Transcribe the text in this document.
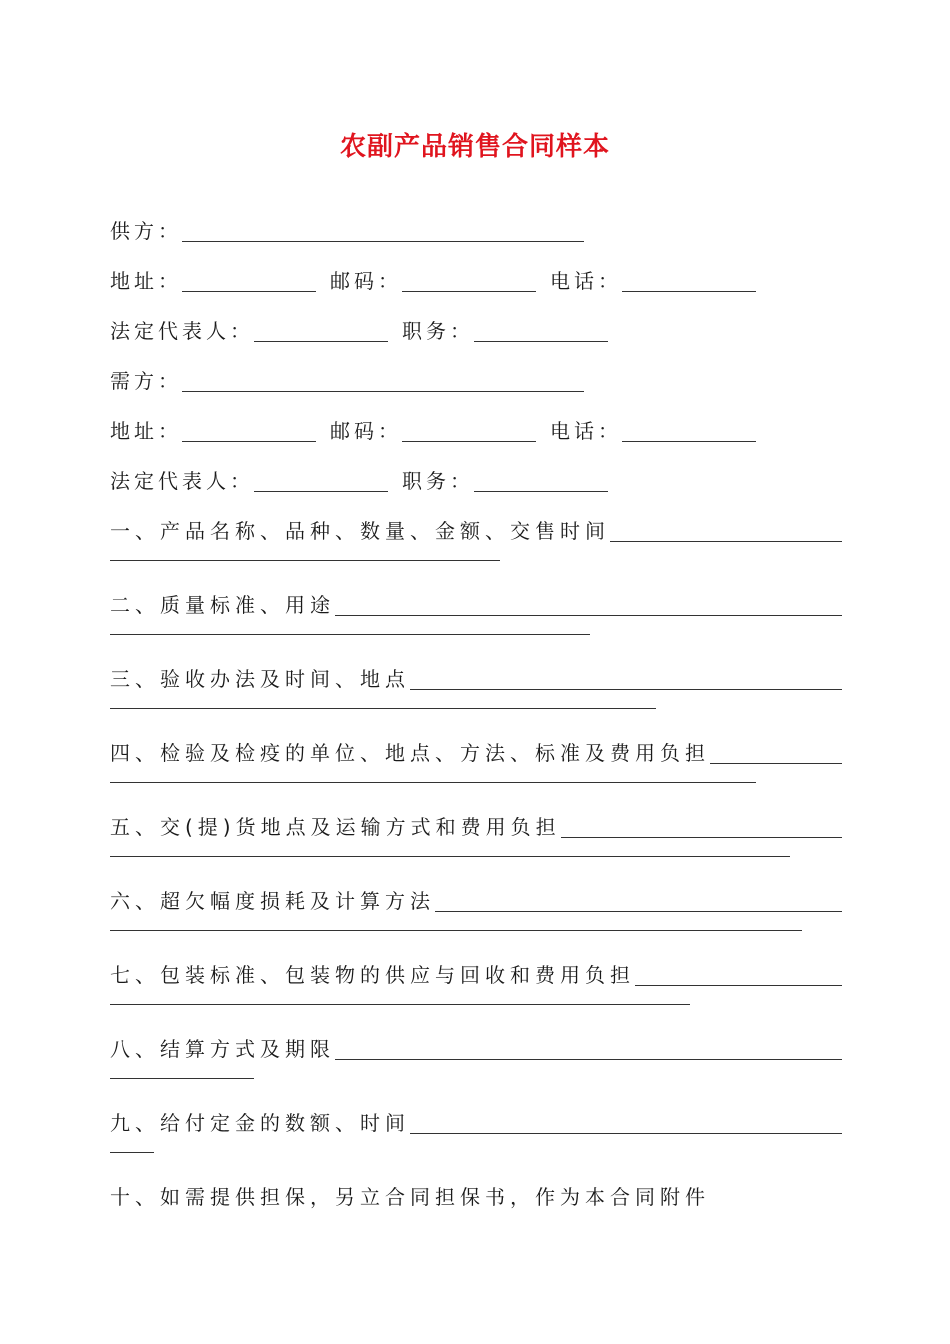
农副产品销售合同样本
供方：
地址：	邮码：	电话：
法定代表人：	职务：
需方：
地址：	邮码：	电话：
法定代表人：	职务：
一、产品名称、品种、数量、金额、交售时间
二、质量标准、用途
三、验收办法及时间、地点
四、检验及检疫的单位、地点、方法、标准及费用负担
五、交(提)货地点及运输方式和费用负担
六、超欠幅度损耗及计算方法
七、包装标准、包装物的供应与回收和费用负担
八、结算方式及期限
九、给付定金的数额、时间
十、如需提供担保，另立合同担保书，作为本合同附件
